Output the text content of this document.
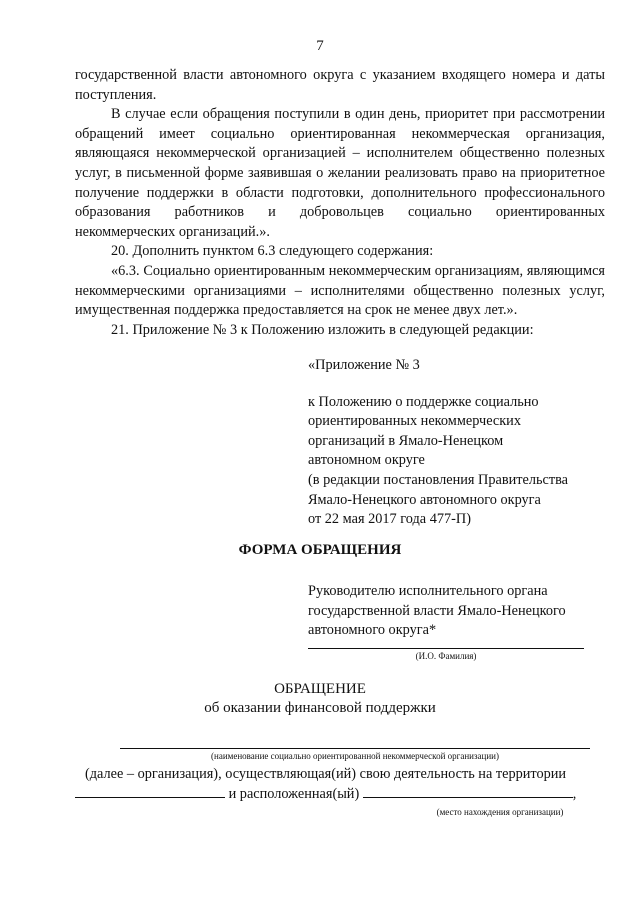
7

государственной власти автономного округа с указанием входящего номера и даты поступления.

В случае если обращения поступили в один день, приоритет при рассмотрении обращений имеет социально ориентированная некоммерческая организация, являющаяся некоммерческой организацией – исполнителем общественно полезных услуг, в письменной форме заявившая о желании реализовать право на приоритетное получение поддержки в области подготовки, дополнительного профессионального образования работников и добровольцев социально ориентированных некоммерческих организаций.».

20. Дополнить пунктом 6.3 следующего содержания:

«6.3. Социально ориентированным некоммерческим организациям, являющимся некоммерческими организациями – исполнителями общественно полезных услуг, имущественная поддержка предоставляется на срок не менее двух лет.».

21. Приложение № 3 к Положению изложить в следующей редакции:

«Приложение № 3
к Положению о поддержке социально
ориентированных некоммерческих
организаций в Ямало-Ненецком
автономном округе
(в редакции постановления Правительства
Ямало-Ненецкого автономного округа
от 22 мая 2017 года 477-П)
ФОРМА ОБРАЩЕНИЯ
Руководителю исполнительного органа
государственной власти Ямало-Ненецкого
автономного округа*
(И.О. Фамилия)
ОБРАЩЕНИЕ
об оказании финансовой поддержки
(наименование социально ориентированной некоммерческой организации)

(далее – организация), осуществляющая(ий) свою деятельность на территории

и расположенная(ый)	,
(место нахождения организации)
